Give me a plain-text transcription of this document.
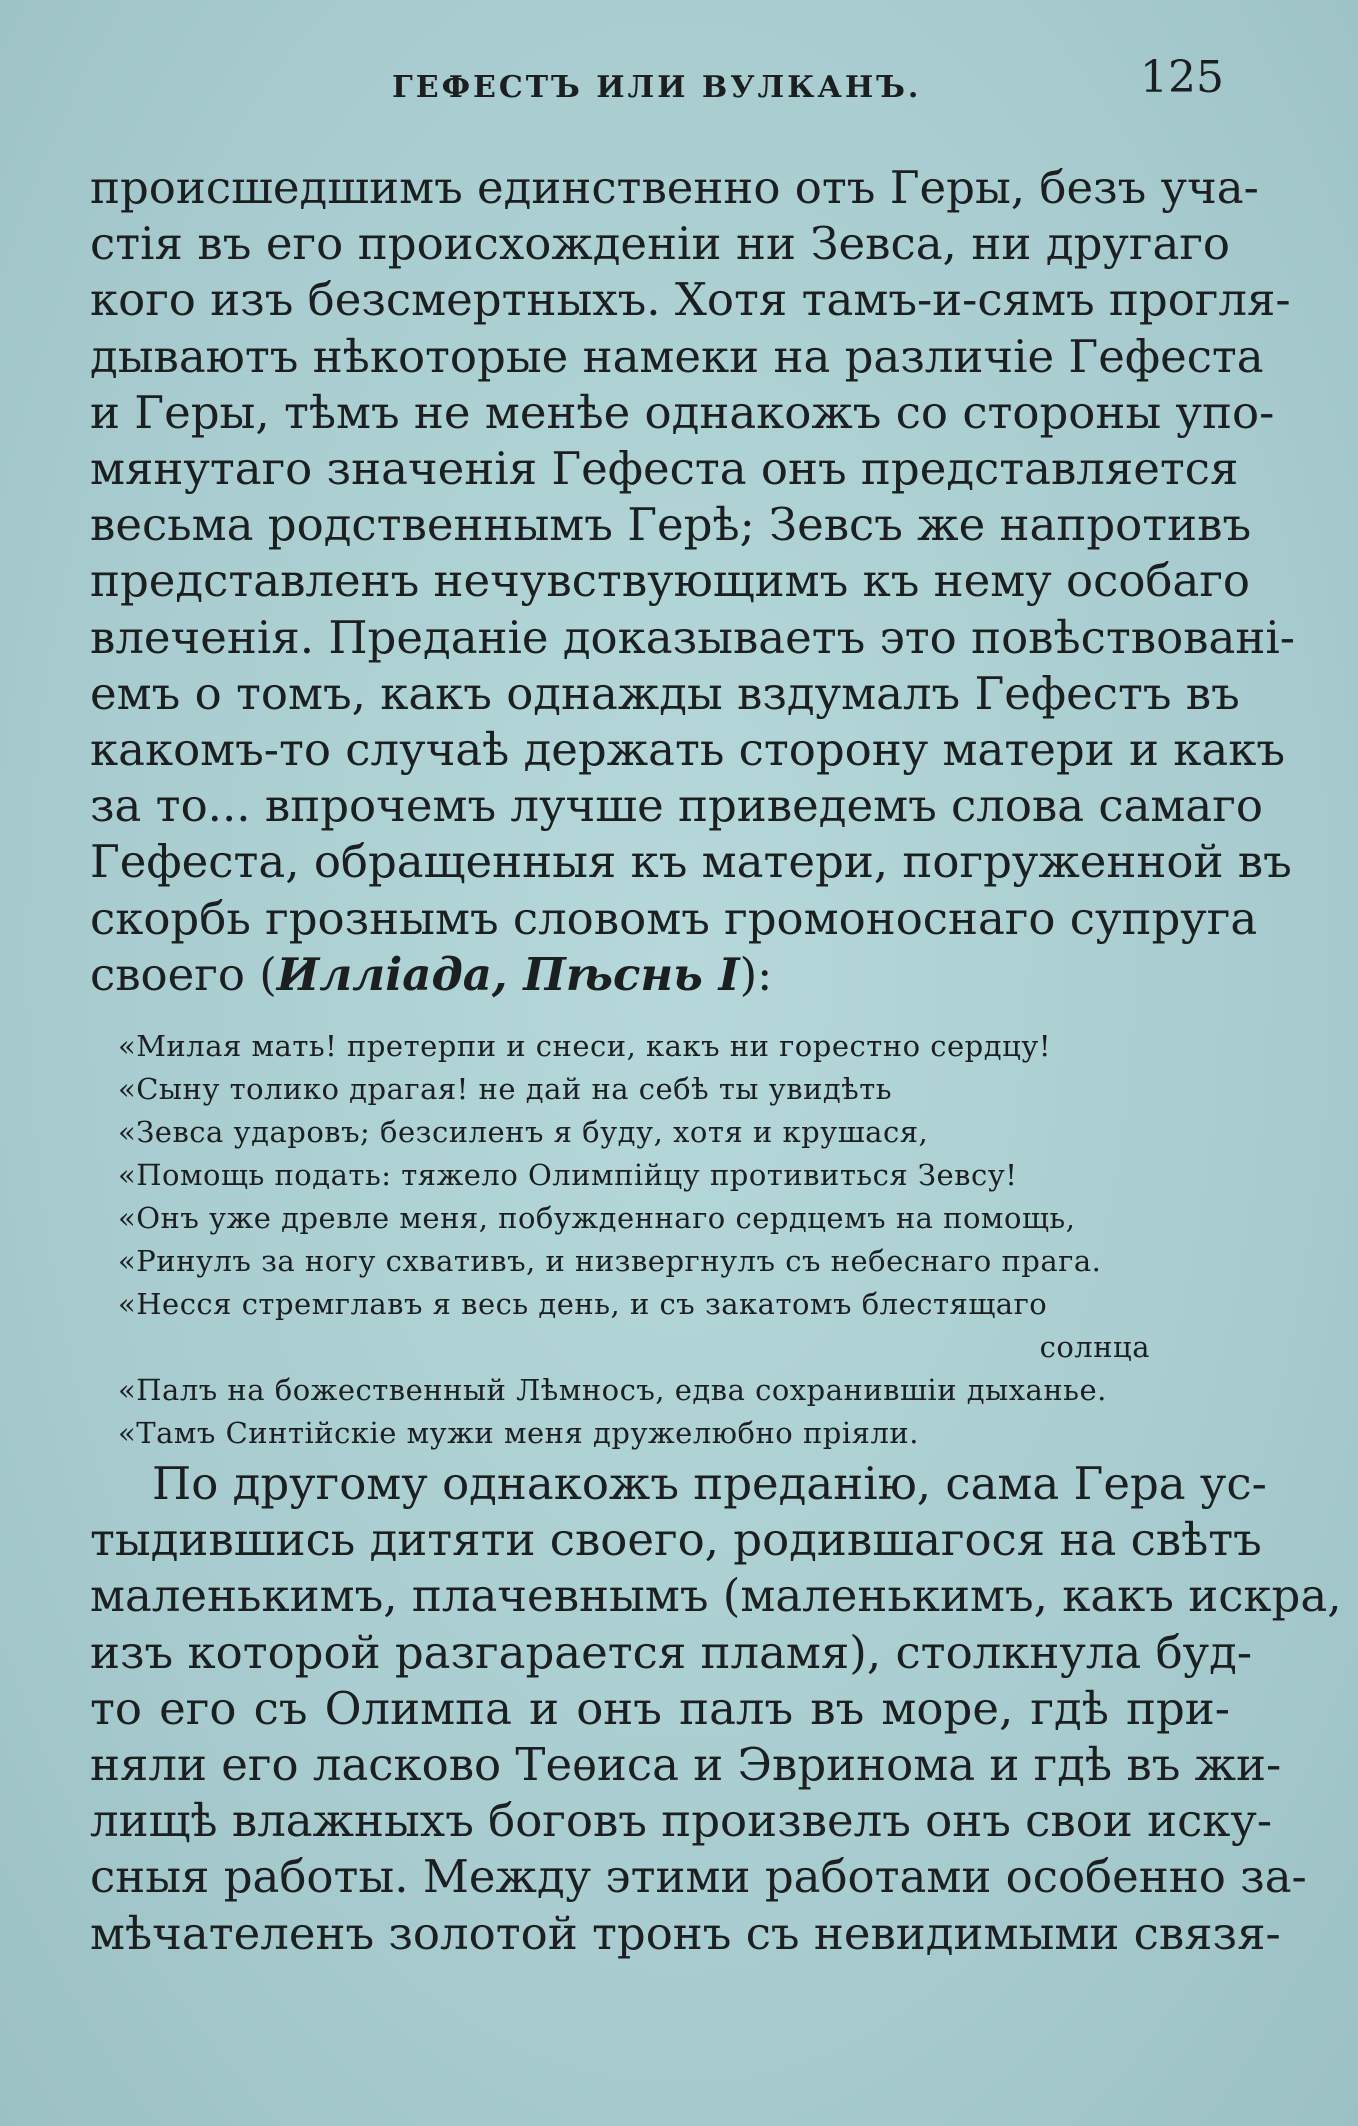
ГЕФЕСТЪ ИЛИ ВУЛКАНЪ.	125
происшедшимъ единственно отъ Геры, безъ уча-
стія въ его происхожденіи ни Зевса, ни другаго
кого изъ безсмертныхъ. Хотя тамъ-и-сямъ прогля-
дываютъ нѣкоторые намеки на различіе Гефеста
и Геры, тѣмъ не менѣе однакожъ со стороны упо-
мянутаго значенія Гефеста онъ представляется
весьма родственнымъ Герѣ; Зевсъ же напротивъ
представленъ нечувствующимъ къ нему особаго
влеченія. Преданіе доказываетъ это повѣствованi-
емъ о томъ, какъ однажды вздумалъ Гефестъ въ
какомъ-то случаѣ держать сторону матери и какъ
за то... впрочемъ лучше приведемъ слова самаго
Гефеста, обращенныя къ матери, погруженной въ
скорбь грознымъ словомъ громоноснаго супруга
своего (Илліада, Пѣснь I):
«Милая мать! претерпи и снеси, какъ ни горестно сердцу!
«Сыну толико драгая! не дай на себѣ ты увидѣть
«Зевса ударовъ; безсиленъ я буду, хотя и крушася,
«Помощь подать: тяжело Олимпійцу противиться Зевсу!
«Онъ уже древле меня, побужденнаго сердцемъ на помощь,
«Ринулъ за ногу схвативъ, и низвергнулъ съ небеснаго прага.
«Несся стремглавъ я весь день, и съ закатомъ блестящаго
солнца
«Палъ на божественный Лѣмносъ, едва сохранившіи дыханье.
«Тамъ Синтійскіе мужи меня дружелюбно пріяли.
По другому однакожъ преданію, сама Гера ус-
тыдившись дитяти своего, родившагося на свѣтъ
маленькимъ, плачевнымъ (маленькимъ, какъ искра,
изъ которой разгарается пламя), столкнула буд-
то его съ Олимпа и онъ палъ въ море, гдѣ при-
няли его ласково Теѳиса и Эвринома и гдѣ въ жи-
лищѣ влажныхъ боговъ произвелъ онъ свои иску-
сныя работы. Между этими работами особенно за-
мѣчателенъ золотой тронъ съ невидимыми связя-
